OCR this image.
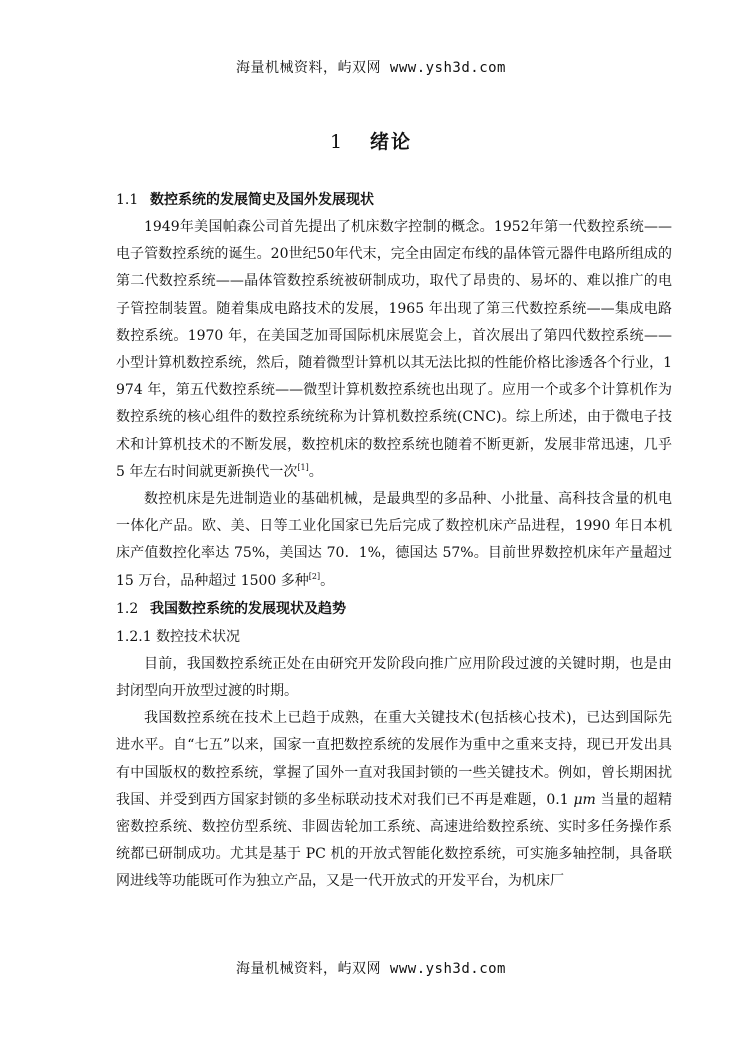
海量机械资料，屿双网 www.ysh3d.com
1 绪论
1.1 数控系统的发展简史及国外发展现状

1949年美国帕森公司首先提出了机床数字控制的概念。1952年第一代数控系统——电子管数控系统的诞生。20世纪50年代末，完全由固定布线的晶体管元器件电路所组成的第二代数控系统——晶体管数控系统被研制成功，取代了昂贵的、易坏的、难以推广的电子管控制装置。随着集成电路技术的发展，1965 年出现了第三代数控系统——集成电路数控系统。1970 年，在美国芝加哥国际机床展览会上，首次展出了第四代数控系统——小型计算机数控系统，然后，随着微型计算机以其无法比拟的性能价格比渗透各个行业，1974 年，第五代数控系统——微型计算机数控系统也出现了。应用一个或多个计算机作为数控系统的核心组件的数控系统统称为计算机数控系统(CNC)。综上所述，由于微电子技术和计算机技术的不断发展，数控机床的数控系统也随着不断更新，发展非常迅速，几乎 5 年左右时间就更新换代一次[1]。

数控机床是先进制造业的基础机械，是最典型的多品种、小批量、高科技含量的机电一体化产品。欧、美、日等工业化国家已先后完成了数控机床产品进程，1990 年日本机床产值数控化率达 75%，美国达 70．1%，德国达 57%。目前世界数控机床年产量超过 15 万台，品种超过 1500 多种[2]。

1.2 我国数控系统的发展现状及趋势
1.2.1 数控技术状况

目前，我国数控系统正处在由研究开发阶段向推广应用阶段过渡的关键时期，也是由封闭型向开放型过渡的时期。

我国数控系统在技术上已趋于成熟，在重大关键技术(包括核心技术)，已达到国际先进水平。自“七五”以来，国家一直把数控系统的发展作为重中之重来支持，现已开发出具有中国版权的数控系统，掌握了国外一直对我国封锁的一些关键技术。例如，曾长期困扰我国、并受到西方国家封锁的多坐标联动技术对我们已不再是难题，0.1 μm 当量的超精密数控系统、数控仿型系统、非圆齿轮加工系统、高速进给数控系统、实时多任务操作系统都已研制成功。尤其是基于 PC 机的开放式智能化数控系统，可实施多轴控制，具备联网进线等功能既可作为独立产品，又是一代开放式的开发平台，为机床厂

海量机械资料，屿双网 www.ysh3d.com
